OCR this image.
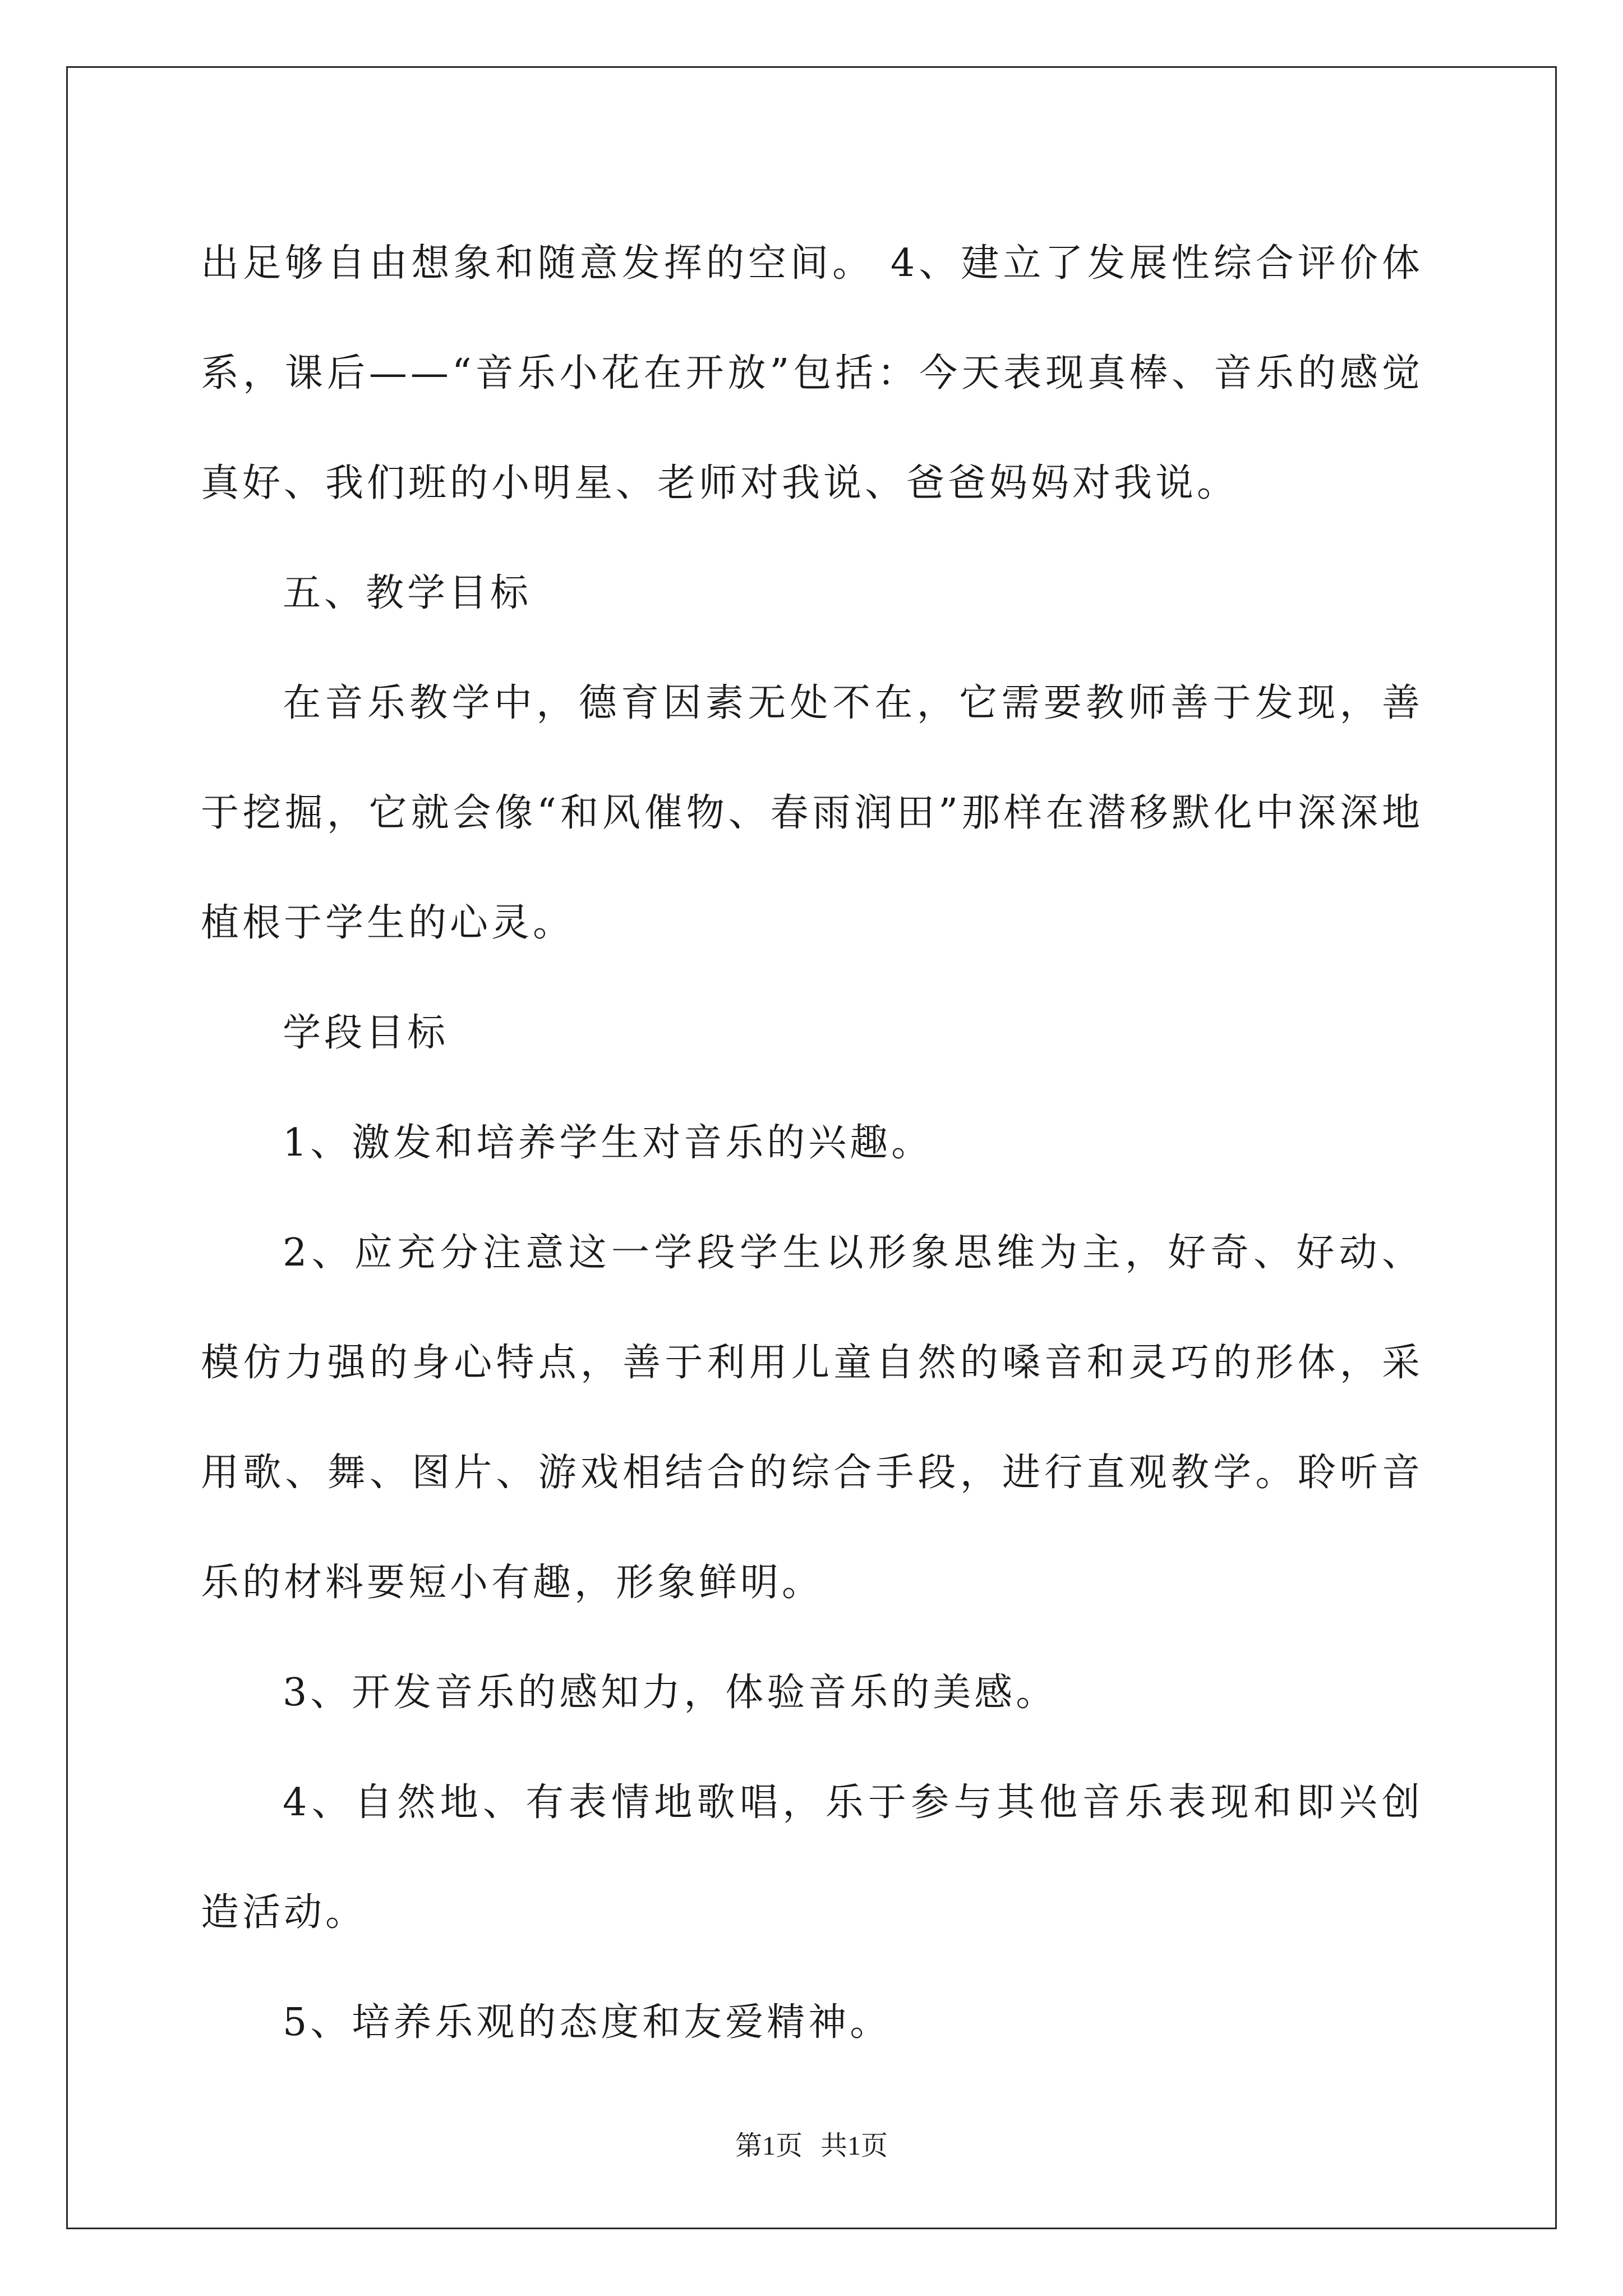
出足够自由想象和随意发挥的空间。 4、建立了发展性综合评价体系，课后——“音乐小花在开放”包括：今天表现真棒、音乐的感觉真好、我们班的小明星、老师对我说、爸爸妈妈对我说。

五、教学目标

在音乐教学中，德育因素无处不在，它需要教师善于发现，善于挖掘，它就会像“和风催物、春雨润田”那样在潜移默化中深深地植根于学生的心灵。

学段目标

1、激发和培养学生对音乐的兴趣。

2、应充分注意这一学段学生以形象思维为主，好奇、好动、模仿力强的身心特点，善于利用儿童自然的嗓音和灵巧的形体，采用歌、舞、图片、游戏相结合的综合手段，进行直观教学。聆听音乐的材料要短小有趣，形象鲜明。

3、开发音乐的感知力，体验音乐的美感。

4、自然地、有表情地歌唱，乐于参与其他音乐表现和即兴创造活动。

5、培养乐观的态度和友爱精神。

第1页 共1页
